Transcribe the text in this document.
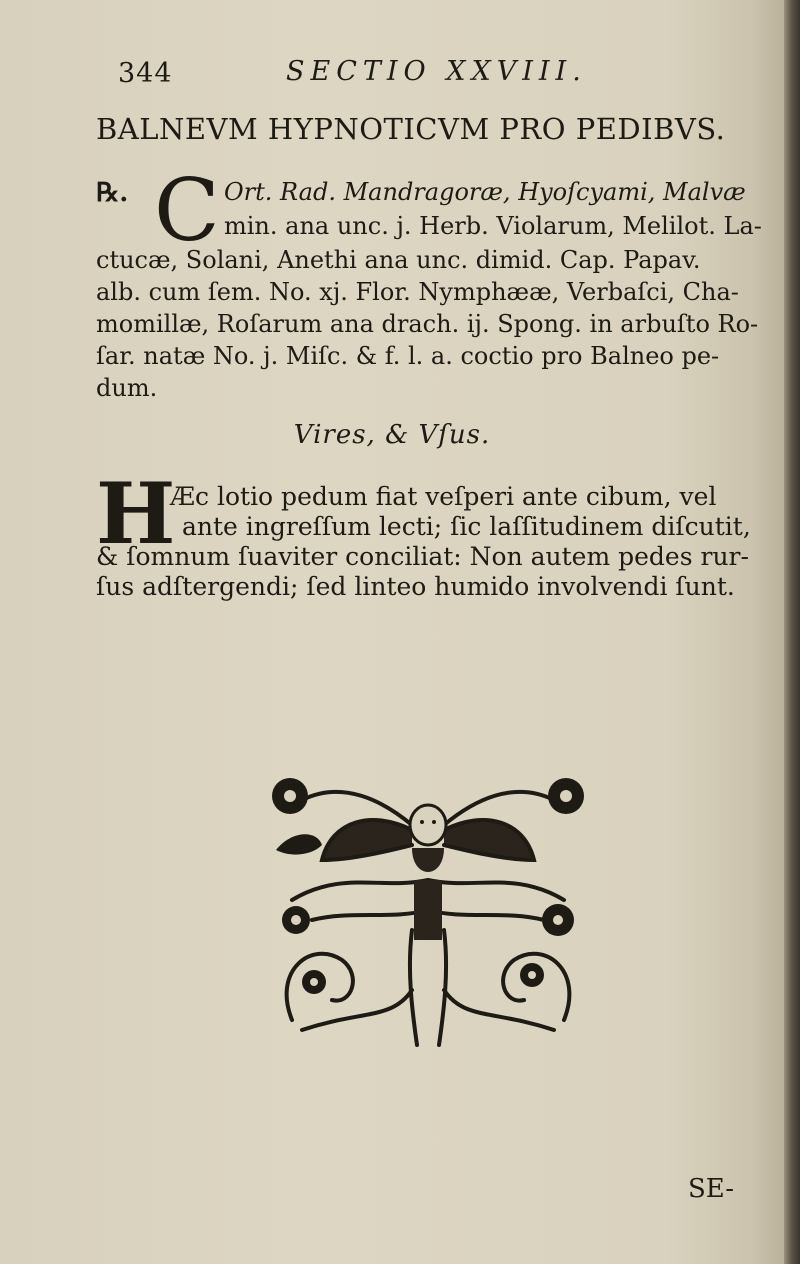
344	SECTIO XXVIII.
BALNEVM HYPNOTICVM PRO PEDIBVS.
℞. C Ort. Rad. Mandragoræ, Hyoſcyami, Malvæ
min. ana unc. j. Herb. Violarum, Melilot. La-
ctucæ, Solani, Anethi ana unc. dimid. Cap. Papav.
alb. cum ſem. No. xj. Flor. Nymphææ, Verbaſci, Cha-
momillæ, Roſarum ana drach. ij. Spong. in arbuſto Ro-
ſar. natæ No. j. Miſc. & f. l. a. coctio pro Balneo pe-
dum.
Vires, & Vſus.
H
Æc lotio pedum fiat veſperi ante cibum, vel
ante ingreſſum lecti; ſic laſſitudinem diſcutit,
& ſomnum ſuaviter conciliat: Non autem pedes rur-
ſus adſtergendi; ſed linteo humido involvendi ſunt.
SE-
